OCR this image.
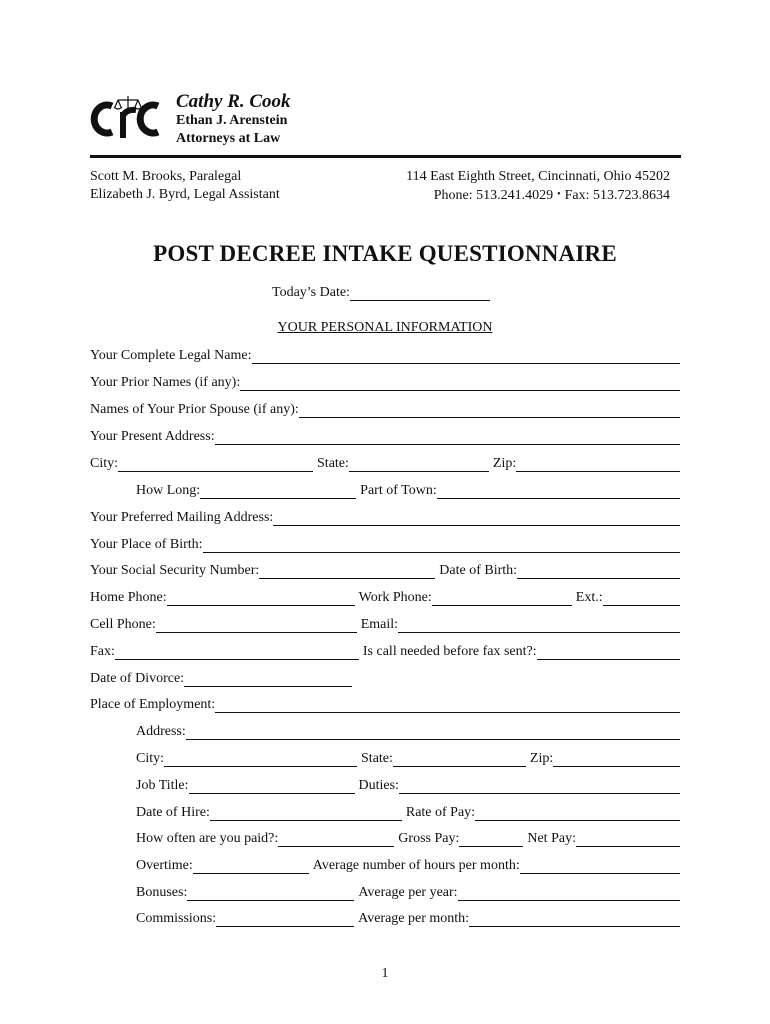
Cathy R. Cook
Ethan J. Arenstein
Attorneys at Law
Scott M. Brooks, Paralegal
Elizabeth J. Byrd, Legal Assistant
114 East Eighth Street, Cincinnati, Ohio 45202
Phone: 513.241.4029 • Fax: 513.723.8634
POST DECREE INTAKE QUESTIONNAIRE
Today’s Date:
YOUR PERSONAL INFORMATION
Your Complete Legal Name:
Your Prior Names (if any):
Names of Your Prior Spouse (if any):
Your Present Address:
City:	State:	Zip:
How Long:	Part of Town:
Your Preferred Mailing Address:
Your Place of Birth:
Your Social Security Number:	Date of Birth:
Home Phone:	Work Phone:	Ext.:
Cell Phone:	Email:
Fax:	Is call needed before fax sent?:
Date of Divorce:
Place of Employment:
Address:
City:	State:	Zip:
Job Title:	Duties:
Date of Hire:	Rate of Pay:
How often are you paid?:	Gross Pay:	Net Pay:
Overtime:	Average number of hours per month:
Bonuses:	Average per year:
Commissions:	Average per month:
1
